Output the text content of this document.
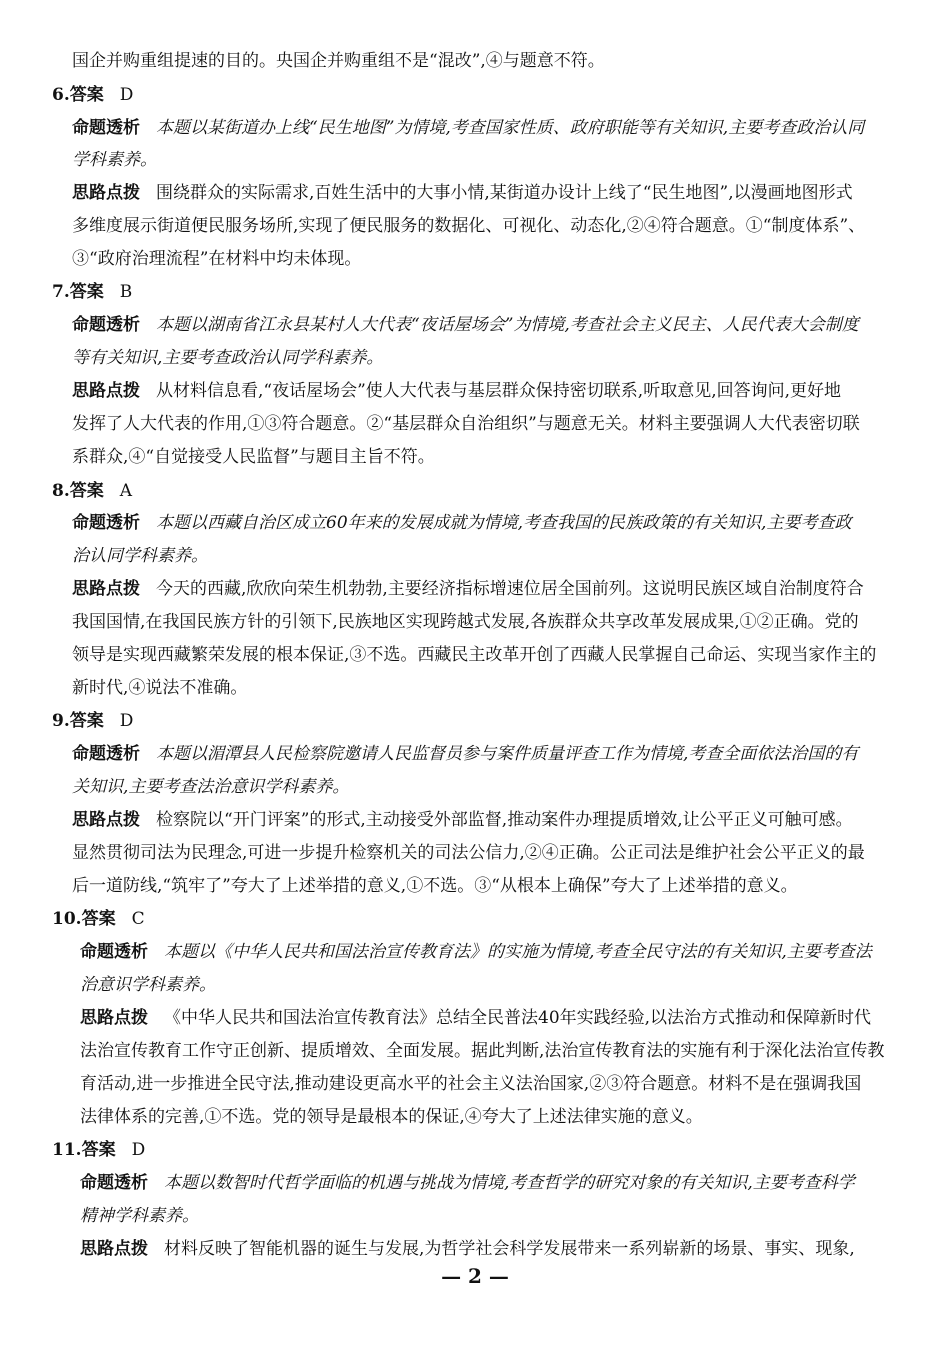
国企并购重组提速的目的。央国企并购重组不是“混改”,④与题意不符。
6.答案 D
命题透析 本题以某街道办上线“民生地图”为情境,考查国家性质、政府职能等有关知识,主要考查政治认同
学科素养。
思路点拨 围绕群众的实际需求,百姓生活中的大事小情,某街道办设计上线了“民生地图”,以漫画地图形式
多维度展示街道便民服务场所,实现了便民服务的数据化、可视化、动态化,②④符合题意。①“制度体系”、
③“政府治理流程”在材料中均未体现。
7.答案 B
命题透析 本题以湖南省江永县某村人大代表“夜话屋场会”为情境,考查社会主义民主、人民代表大会制度
等有关知识,主要考查政治认同学科素养。
思路点拨 从材料信息看,“夜话屋场会”使人大代表与基层群众保持密切联系,听取意见,回答询问,更好地
发挥了人大代表的作用,①③符合题意。②“基层群众自治组织”与题意无关。材料主要强调人大代表密切联
系群众,④“自觉接受人民监督”与题目主旨不符。
8.答案 A
命题透析 本题以西藏自治区成立60年来的发展成就为情境,考查我国的民族政策的有关知识,主要考查政
治认同学科素养。
思路点拨 今天的西藏,欣欣向荣生机勃勃,主要经济指标增速位居全国前列。这说明民族区域自治制度符合
我国国情,在我国民族方针的引领下,民族地区实现跨越式发展,各族群众共享改革发展成果,①②正确。党的
领导是实现西藏繁荣发展的根本保证,③不选。西藏民主改革开创了西藏人民掌握自己命运、实现当家作主的
新时代,④说法不准确。
9.答案 D
命题透析 本题以湄潭县人民检察院邀请人民监督员参与案件质量评查工作为情境,考查全面依法治国的有
关知识,主要考查法治意识学科素养。
思路点拨 检察院以“开门评案”的形式,主动接受外部监督,推动案件办理提质增效,让公平正义可触可感。
显然贯彻司法为民理念,可进一步提升检察机关的司法公信力,②④正确。公正司法是维护社会公平正义的最
后一道防线,“筑牢了”夸大了上述举措的意义,①不选。③“从根本上确保”夸大了上述举措的意义。
10.答案 C
命题透析 本题以《中华人民共和国法治宣传教育法》的实施为情境,考查全民守法的有关知识,主要考查法
治意识学科素养。
思路点拨 《中华人民共和国法治宣传教育法》总结全民普法40年实践经验,以法治方式推动和保障新时代
法治宣传教育工作守正创新、提质增效、全面发展。据此判断,法治宣传教育法的实施有利于深化法治宣传教
育活动,进一步推进全民守法,推动建设更高水平的社会主义法治国家,②③符合题意。材料不是在强调我国
法律体系的完善,①不选。党的领导是最根本的保证,④夸大了上述法律实施的意义。
11.答案 D
命题透析 本题以数智时代哲学面临的机遇与挑战为情境,考查哲学的研究对象的有关知识,主要考查科学
精神学科素养。
思路点拨 材料反映了智能机器的诞生与发展,为哲学社会科学发展带来一系列崭新的场景、事实、现象,
— 2 —
